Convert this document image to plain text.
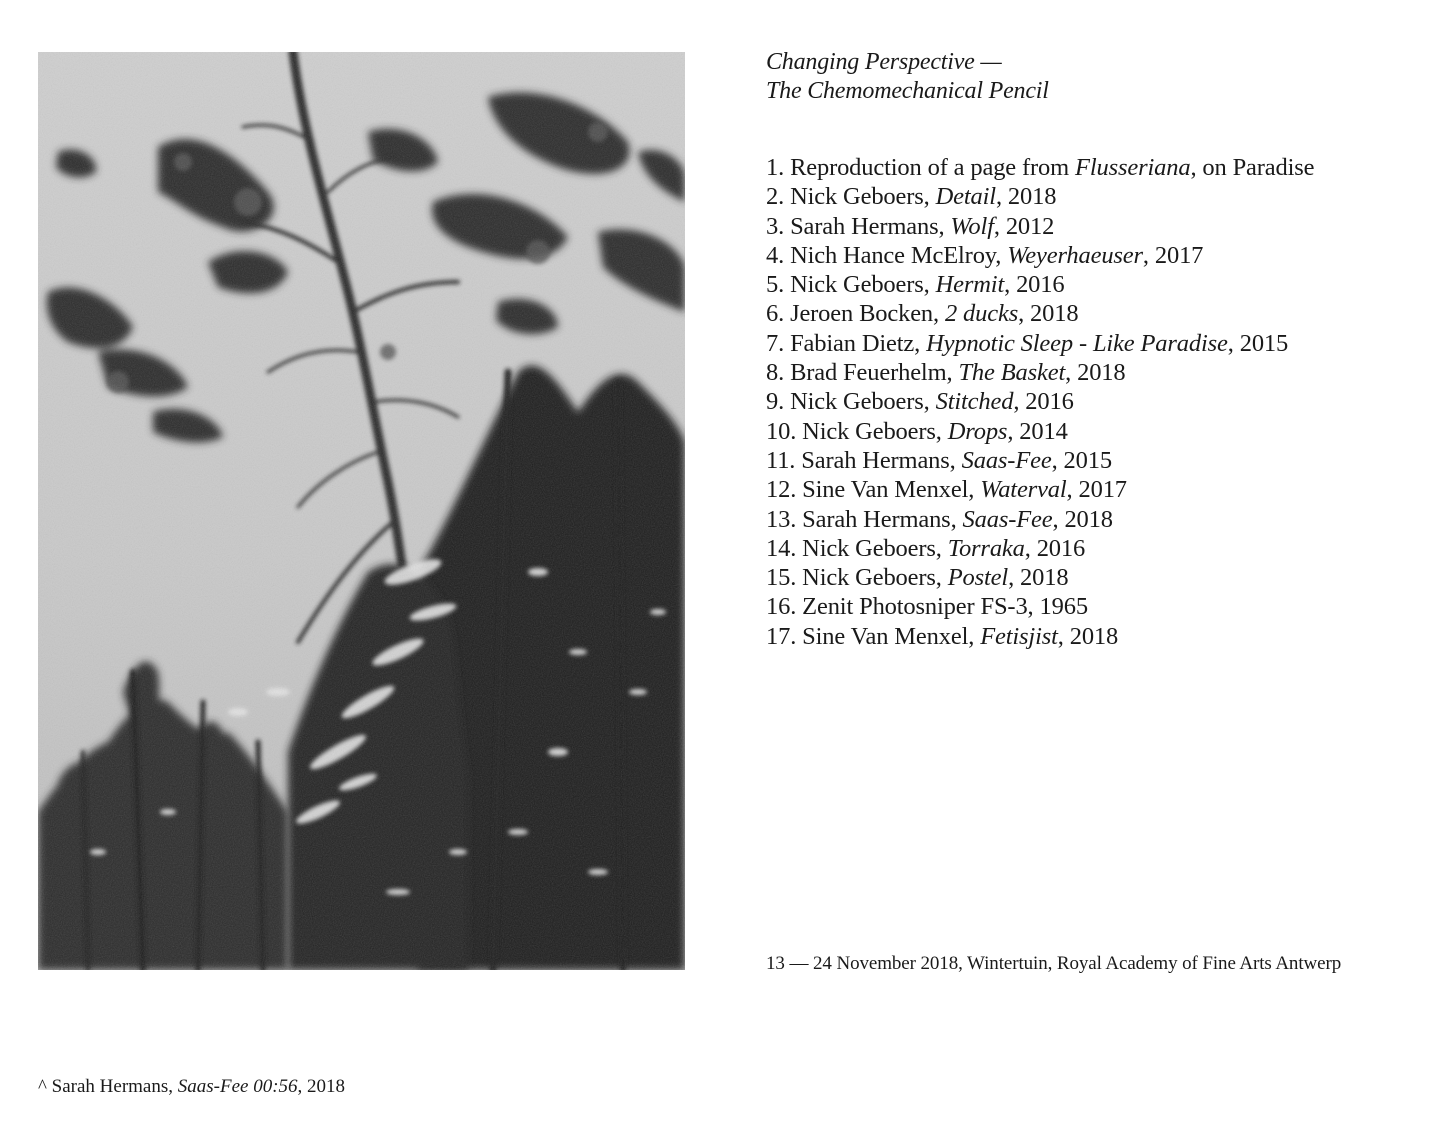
Changing Perspective —
The Chemomechanical Pencil
1. Reproduction of a page from Flusseriana, on Paradise
2. Nick Geboers, Detail, 2018
3. Sarah Hermans, Wolf, 2012
4. Nich Hance McElroy, Weyerhaeuser, 2017
5. Nick Geboers, Hermit, 2016
6. Jeroen Bocken, 2 ducks, 2018
7. Fabian Dietz, Hypnotic Sleep - Like Paradise, 2015
8. Brad Feuerhelm, The Basket, 2018
9. Nick Geboers, Stitched, 2016
10. Nick Geboers, Drops, 2014
11. Sarah Hermans, Saas-Fee, 2015
12. Sine Van Menxel, Waterval, 2017
13. Sarah Hermans, Saas-Fee, 2018
14. Nick Geboers, Torraka, 2016
15. Nick Geboers, Postel, 2018
16. Zenit Photosniper FS-3, 1965
17. Sine Van Menxel, Fetisjist, 2018
13 — 24 November 2018, Wintertuin, Royal Academy of Fine Arts Antwerp
^ Sarah Hermans, Saas-Fee 00:56, 2018
